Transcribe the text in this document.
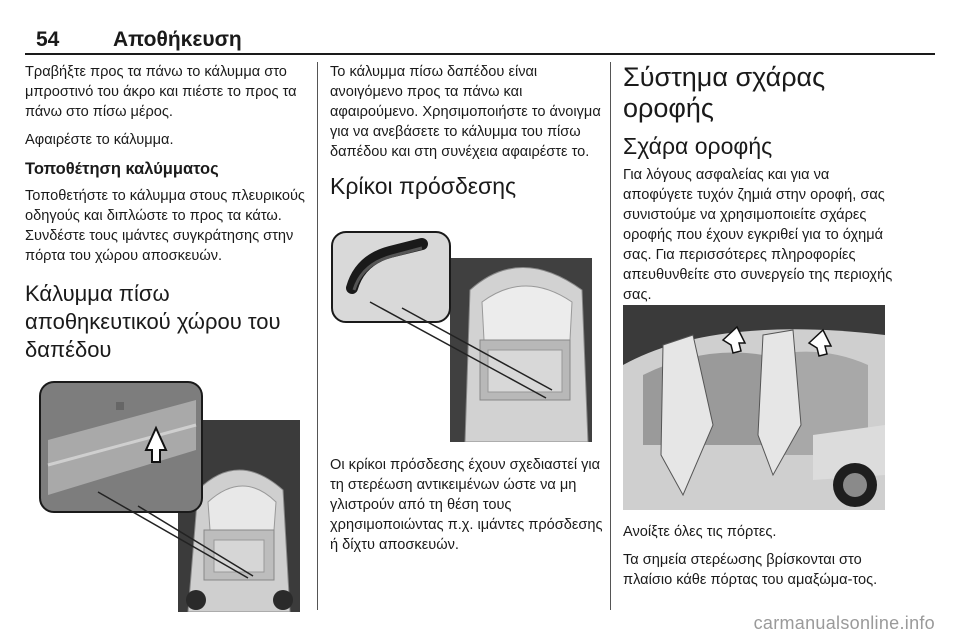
54	Αποθήκευση

Τραβήξτε προς τα πάνω το κάλυμμα στο μπροστινό του άκρο και πιέστε το προς τα πάνω στο πίσω μέρος.

Αφαιρέστε το κάλυμμα.

Τοποθέτηση καλύμματος

Τοποθετήστε το κάλυμμα στους πλευρικούς οδηγούς και διπλώστε το προς τα κάτω. Συνδέστε τους ιμάντες συγκράτησης στην πόρτα του χώρου αποσκευών.

Κάλυμμα πίσω αποθηκευτικού χώρου του δαπέδου

Το κάλυμμα πίσω δαπέδου είναι ανοιγόμενο προς τα πάνω και αφαιρούμενο. Χρησιμοποιήστε το άνοιγμα για να ανεβάσετε το κάλυμμα του πίσω δαπέδου και στη συνέχεια αφαιρέστε το.

Κρίκοι πρόσδεσης

Οι κρίκοι πρόσδεσης έχουν σχεδιαστεί για τη στερέωση αντικειμένων ώστε να μη γλιστρούν από τη θέση τους χρησιμοποιώντας π.χ. ιμάντες πρόσδεσης ή δίχτυ αποσκευών.

Σύστημα σχάρας οροφής
Σχάρα οροφής

Για λόγους ασφαλείας και για να αποφύγετε τυχόν ζημιά στην οροφή, σας συνιστούμε να χρησιμοποιείτε σχάρες οροφής που έχουν εγκριθεί για το όχημά σας. Για περισσότερες πληροφορίες απευθυνθείτε στο συνεργείο της περιοχής σας.

Ανοίξτε όλες τις πόρτες.

Τα σημεία στερέωσης βρίσκονται στο πλαίσιο κάθε πόρτας του αμαξώμα-τος.

carmanualsonline.info
